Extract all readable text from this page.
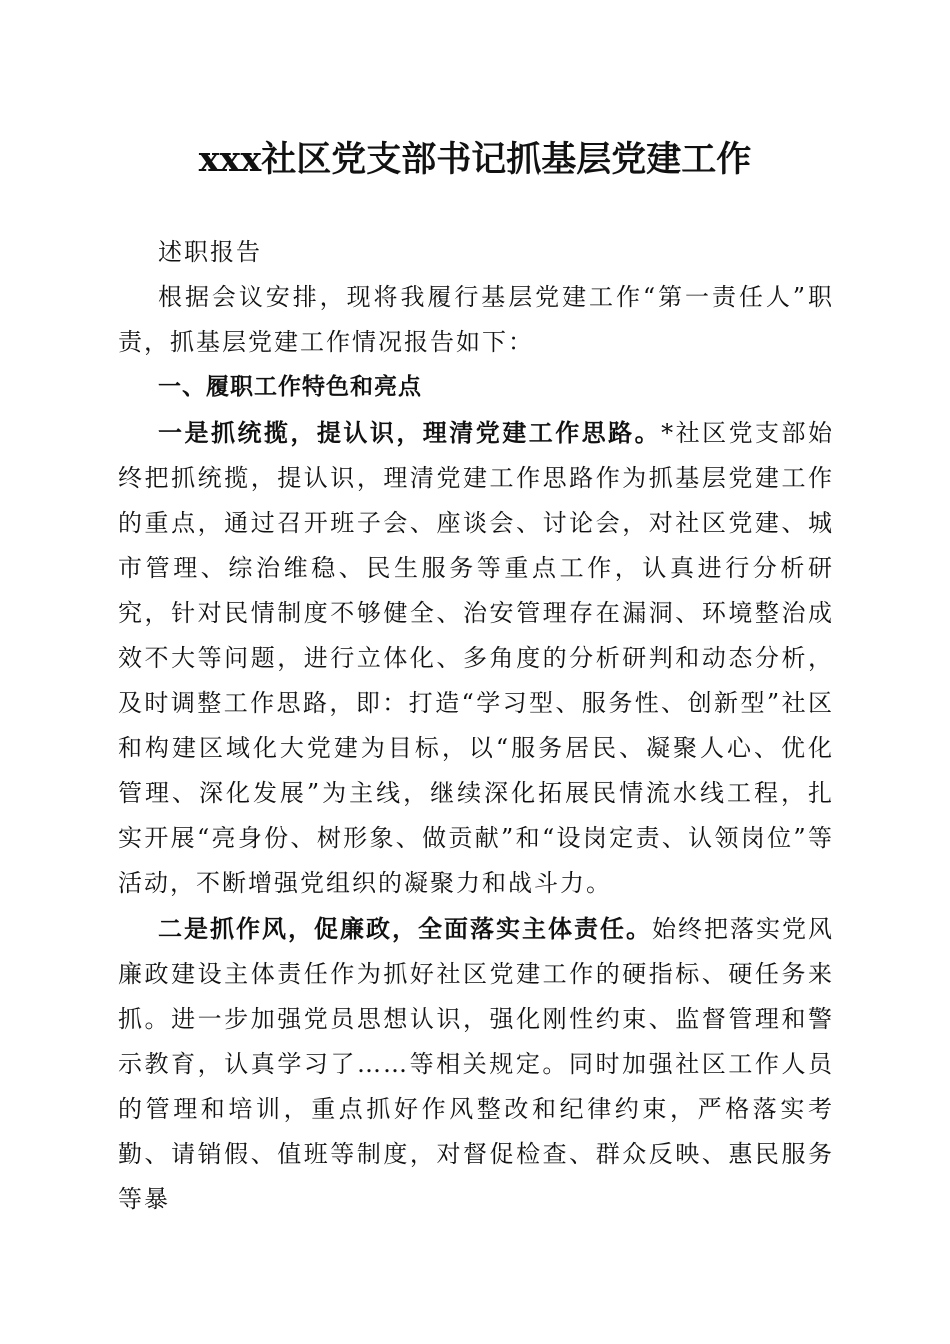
xxx社区党支部书记抓基层党建工作

述职报告

根据会议安排，现将我履行基层党建工作“第一责任人”职责，抓基层党建工作情况报告如下：

一、履职工作特色和亮点

一是抓统揽，提认识，理清党建工作思路。*社区党支部始终把抓统揽，提认识，理清党建工作思路作为抓基层党建工作的重点，通过召开班子会、座谈会、讨论会，对社区党建、城市管理、综治维稳、民生服务等重点工作，认真进行分析研究，针对民情制度不够健全、治安管理存在漏洞、环境整治成效不大等问题，进行立体化、多角度的分析研判和动态分析，及时调整工作思路，即：打造“学习型、服务性、创新型”社区和构建区域化大党建为目标，以“服务居民、凝聚人心、优化管理、深化发展”为主线，继续深化拓展民情流水线工程，扎实开展“亮身份、树形象、做贡献”和“设岗定责、认领岗位”等活动，不断增强党组织的凝聚力和战斗力。

二是抓作风，促廉政，全面落实主体责任。始终把落实党风廉政建设主体责任作为抓好社区党建工作的硬指标、硬任务来抓。进一步加强党员思想认识，强化刚性约束、监督管理和警示教育，认真学习了……等相关规定。同时加强社区工作人员的管理和培训，重点抓好作风整改和纪律约束，严格落实考勤、请销假、值班等制度，对督促检查、群众反映、惠民服务等暴
